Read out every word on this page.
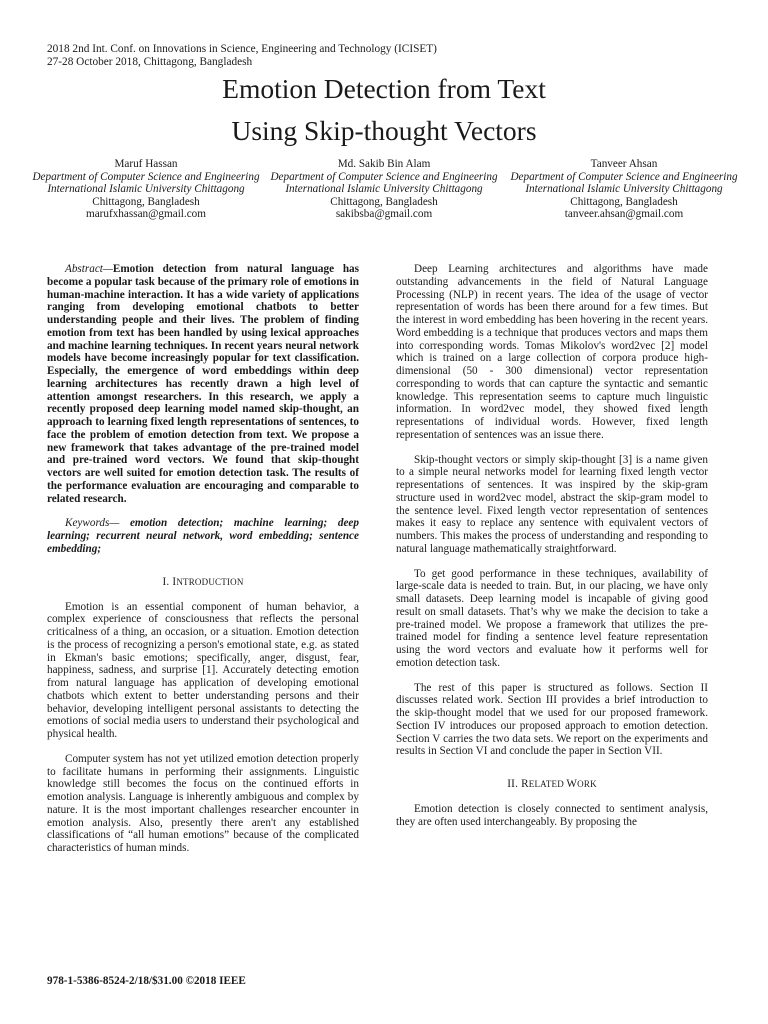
2018 2nd Int. Conf. on Innovations in Science, Engineering and Technology (ICISET)
27-28 October 2018, Chittagong, Bangladesh
Emotion Detection from Text
Using Skip-thought Vectors
Maruf Hassan
Department of Computer Science and Engineering
International Islamic University Chittagong
Chittagong, Bangladesh
marufxhassan@gmail.com
Md. Sakib Bin Alam
Department of Computer Science and Engineering
International Islamic University Chittagong
Chittagong, Bangladesh
sakibsba@gmail.com
Tanveer Ahsan
Department of Computer Science and Engineering
International Islamic University Chittagong
Chittagong, Bangladesh
tanveer.ahsan@gmail.com

Abstract—Emotion detection from natural language has become a popular task because of the primary role of emotions in human-machine interaction. It has a wide variety of applications ranging from developing emotional chatbots to better understanding people and their lives. The problem of finding emotion from text has been handled by using lexical approaches and machine learning techniques. In recent years neural network models have become increasingly popular for text classification. Especially, the emergence of word embeddings within deep learning architectures has recently drawn a high level of attention amongst researchers. In this research, we apply a recently proposed deep learning model named skip-thought, an approach to learning fixed length representations of sentences, to face the problem of emotion detection from text. We propose a new framework that takes advantage of the pre-trained model and pre-trained word vectors. We found that skip-thought vectors are well suited for emotion detection task. The results of the performance evaluation are encouraging and comparable to related research.

Keywords— emotion detection; machine learning; deep learning; recurrent neural network, word embedding; sentence embedding;

I. INTRODUCTION

Emotion is an essential component of human behavior, a complex experience of consciousness that reflects the personal criticalness of a thing, an occasion, or a situation. Emotion detection is the process of recognizing a person's emotional state, e.g. as stated in Ekman's basic emotions; specifically, anger, disgust, fear, happiness, sadness, and surprise [1]. Accurately detecting emotion from natural language has application of developing emotional chatbots which extent to better understanding persons and their behavior, developing intelligent personal assistants to detecting the emotions of social media users to understand their psychological and physical health.

Computer system has not yet utilized emotion detection properly to facilitate humans in performing their assignments. Linguistic knowledge still becomes the focus on the continued efforts in emotion analysis. Language is inherently ambiguous and complex by nature. It is the most important challenges researcher encounter in emotion analysis. Also, presently there aren't any established classifications of “all human emotions” because of the complicated characteristics of human minds.

Deep Learning architectures and algorithms have made outstanding advancements in the field of Natural Language Processing (NLP) in recent years. The idea of the usage of vector representation of words has been there around for a few times. But the interest in word embedding has been hovering in the recent years. Word embedding is a technique that produces vectors and maps them into corresponding words. Tomas Mikolov's word2vec [2] model which is trained on a large collection of corpora produce high-dimensional (50 - 300 dimensional) vector representation corresponding to words that can capture the syntactic and semantic knowledge. This representation seems to capture much linguistic information. In word2vec model, they showed fixed length representations of individual words. However, fixed length representation of sentences was an issue there.

Skip-thought vectors or simply skip-thought [3] is a name given to a simple neural networks model for learning fixed length vector representations of sentences. It was inspired by the skip-gram structure used in word2vec model, abstract the skip-gram model to the sentence level. Fixed length vector representation of sentences makes it easy to replace any sentence with equivalent vectors of numbers. This makes the process of understanding and responding to natural language mathematically straightforward.

To get good performance in these techniques, availability of large-scale data is needed to train. But, in our placing, we have only small datasets. Deep learning model is incapable of giving good result on small datasets. That’s why we make the decision to take a pre-trained model. We propose a framework that utilizes the pre-trained model for finding a sentence level feature representation using the word vectors and evaluate how it performs well for emotion detection task.

The rest of this paper is structured as follows. Section II discusses related work. Section III provides a brief introduction to the skip-thought model that we used for our proposed framework. Section IV introduces our proposed approach to emotion detection. Section V carries the two data sets. We report on the experiments and results in Section VI and conclude the paper in Section VII.

II. RELATED WORK

Emotion detection is closely connected to sentiment analysis, they are often used interchangeably. By proposing the

978-1-5386-8524-2/18/$31.00 ©2018 IEEE
